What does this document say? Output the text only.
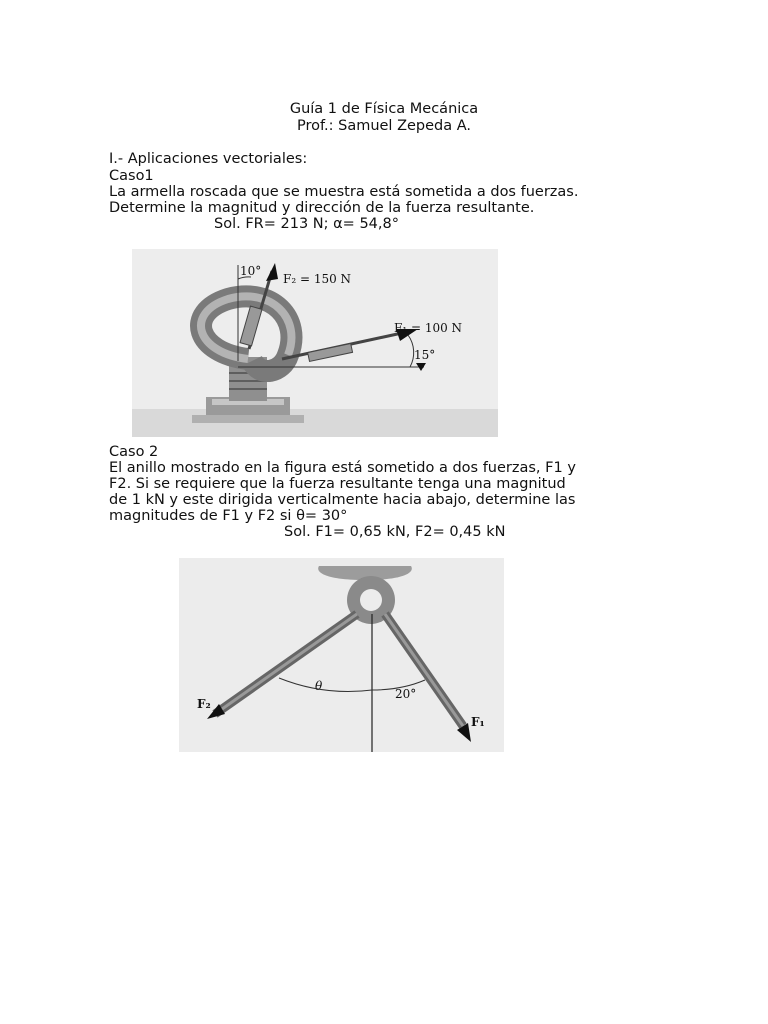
Guía 1 de Física Mecánica
Prof.: Samuel Zepeda A.
I.- Aplicaciones vectoriales:
Caso1
La armella roscada que se muestra está sometida a dos fuerzas.
Determine la magnitud y dirección de la fuerza resultante.
Sol. FR= 213 N; α= 54,8°
10°
F₂ = 150 N
F₁ = 100 N
15°
Caso 2
El anillo mostrado en la figura está sometido a dos fuerzas, F1 y
F2. Si se requiere que la fuerza resultante tenga una magnitud
de 1 kN y este dirigida verticalmente hacia abajo, determine las
magnitudes de F1 y F2 si θ= 30°
Sol. F1= 0,65 kN, F2= 0,45 kN
F₂
θ
20°
F₁
